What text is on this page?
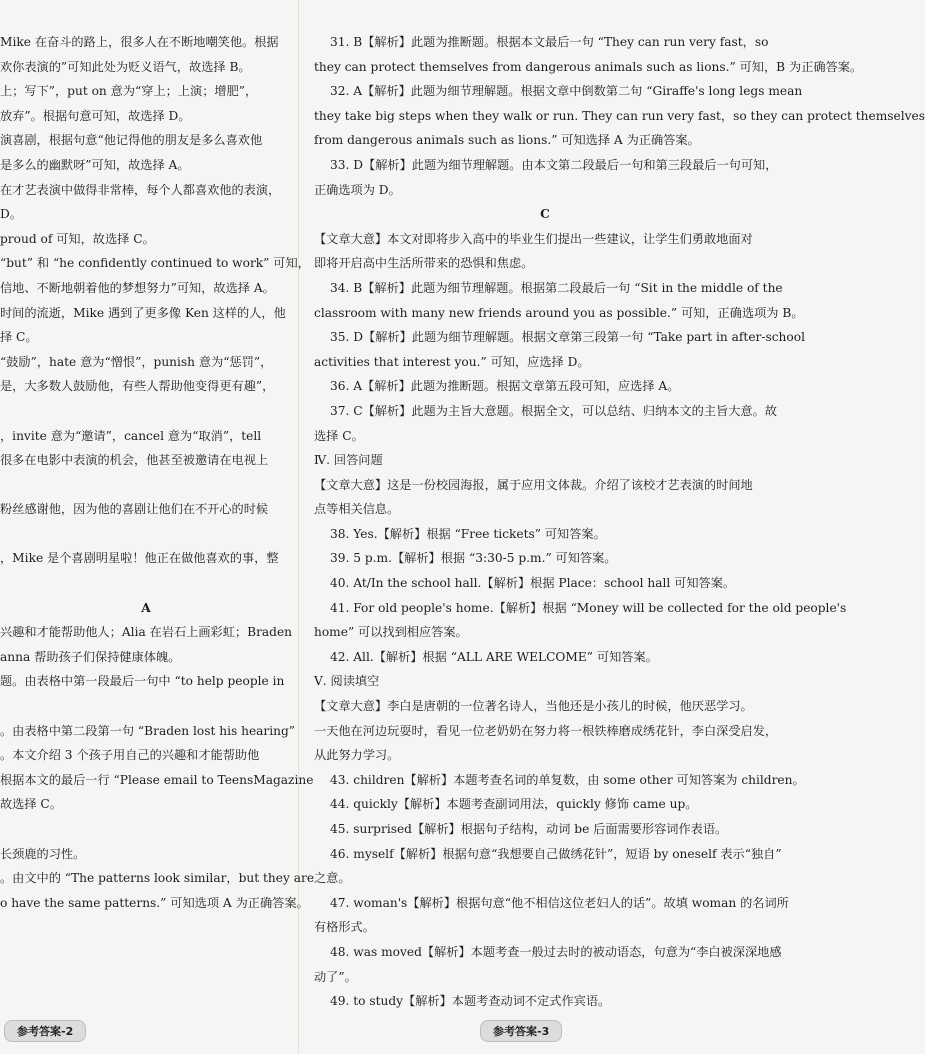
Mike 在奋斗的路上，很多人在不断地嘲笑他。根据
欢你表演的”可知此处为贬义语气，故选择 B。
上；写下”，put on 意为“穿上；上演；增肥”，
放弃”。根据句意可知，故选择 D。
演喜剧，根据句意“他记得他的朋友是多么喜欢他
是多么的幽默呀”可知，故选择 A。
在才艺表演中做得非常棒，每个人都喜欢他的表演，
D。
proud of 可知，故选择 C。
“but” 和 “he confidently continued to work” 可知，
信地、不断地朝着他的梦想努力”可知，故选择 A。
时间的流逝，Mike 遇到了更多像 Ken 这样的人，他
择 C。
“鼓励”，hate 意为“憎恨”，punish 意为“惩罚”，
是，大多数人鼓励他，有些人帮助他变得更有趣”，
，invite 意为“邀请”，cancel 意为“取消”，tell
很多在电影中表演的机会，他甚至被邀请在电视上
粉丝感谢他，因为他的喜剧让他们在不开心的时候
，Mike 是个喜剧明星啦！他正在做他喜欢的事，整
A
兴趣和才能帮助他人；Alia 在岩石上画彩虹；Braden
anna 帮助孩子们保持健康体魄。
题。由表格中第一段最后一句中 “to help people in
。由表格中第二段第一句 “Braden lost his hearing”
。本文介绍 3 个孩子用自己的兴趣和才能帮助他
根据本文的最后一行 “Please email to TeensMagazine
故选择 C。
长颈鹿的习性。
。由文中的 “The patterns look similar，but they are
o have the same patterns.” 可知选项 A 为正确答案。
参考答案-2
31. B【解析】此题为推断题。根据本文最后一句 “They can run very fast，so
they can protect themselves from dangerous animals such as lions.” 可知，B 为正确答案。
32. A【解析】此题为细节理解题。根据文章中倒数第二句 “Giraffe's long legs mean
they take big steps when they walk or run. They can run very fast，so they can protect themselves
from dangerous animals such as lions.” 可知选择 A 为正确答案。
33. D【解析】此题为细节理解题。由本文第二段最后一句和第三段最后一句可知，
正确选项为 D。
C
【文章大意】本文对即将步入高中的毕业生们提出一些建议，让学生们勇敢地面对
即将开启高中生活所带来的恐惧和焦虑。
34. B【解析】此题为细节理解题。根据第二段最后一句 “Sit in the middle of the
classroom with many new friends around you as possible.” 可知，正确选项为 B。
35. D【解析】此题为细节理解题。根据文章第三段第一句 “Take part in after-school
activities that interest you.” 可知，应选择 D。
36. A【解析】此题为推断题。根据文章第五段可知，应选择 A。
37. C【解析】此题为主旨大意题。根据全文，可以总结、归纳本文的主旨大意。故
选择 C。
Ⅳ. 回答问题
【文章大意】这是一份校园海报，属于应用文体裁。介绍了该校才艺表演的时间地
点等相关信息。
38. Yes.【解析】根据 “Free tickets” 可知答案。
39. 5 p.m.【解析】根据 “3:30-5 p.m.” 可知答案。
40. At/In the school hall.【解析】根据 Place：school hall 可知答案。
41. For old people's home.【解析】根据 “Money will be collected for the old people's
home” 可以找到相应答案。
42. All.【解析】根据 “ALL ARE WELCOME” 可知答案。
Ⅴ. 阅读填空
【文章大意】李白是唐朝的一位著名诗人，当他还是小孩儿的时候，他厌恶学习。
一天他在河边玩耍时，看见一位老奶奶在努力将一根铁棒磨成绣花针，李白深受启发，
从此努力学习。
43. children【解析】本题考查名词的单复数，由 some other 可知答案为 children。
44. quickly【解析】本题考查副词用法，quickly 修饰 came up。
45. surprised【解析】根据句子结构，动词 be 后面需要形容词作表语。
46. myself【解析】根据句意“我想要自己做绣花针”，短语 by oneself 表示“独自”
之意。
47. woman's【解析】根据句意“他不相信这位老妇人的话”。故填 woman 的名词所
有格形式。
48. was moved【解析】本题考查一般过去时的被动语态，句意为“李白被深深地感
动了”。
49. to study【解析】本题考查动词不定式作宾语。
参考答案-3
